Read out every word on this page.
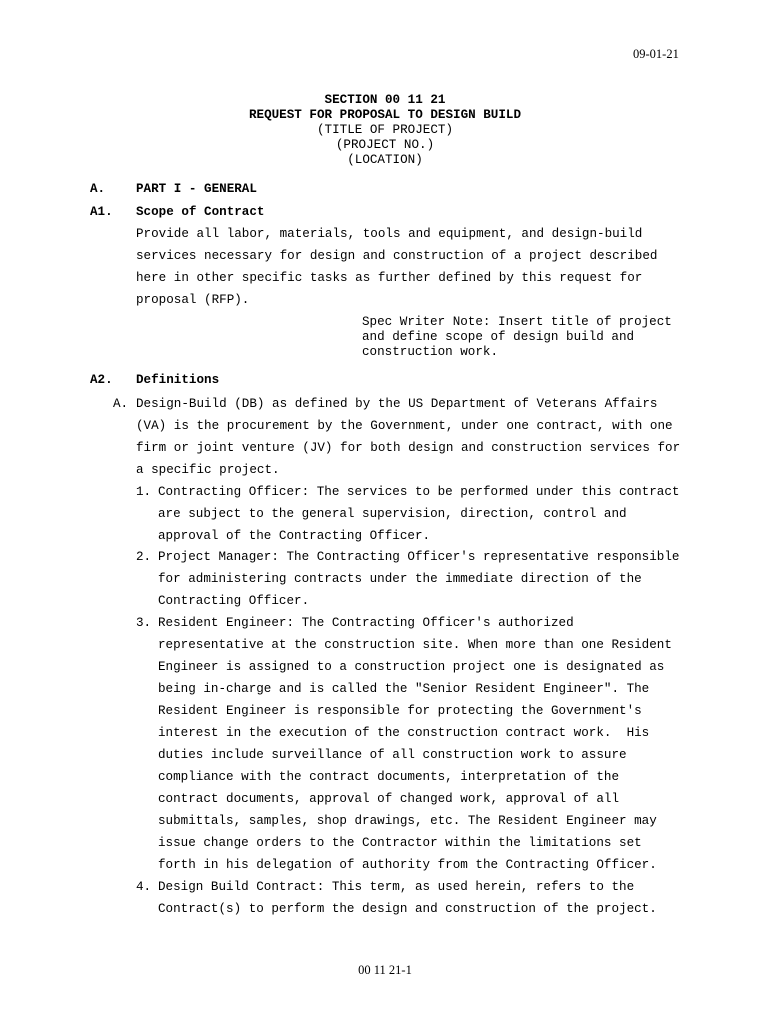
09-01-21
SECTION 00 11 21
REQUEST FOR PROPOSAL TO DESIGN BUILD
(TITLE OF PROJECT)
(PROJECT NO.)
(LOCATION)
A. PART I - GENERAL
A1. Scope of Contract
Provide all labor, materials, tools and equipment, and design-build
services necessary for design and construction of a project described
here in other specific tasks as further defined by this request for
proposal (RFP).
Spec Writer Note: Insert title of project
and define scope of design build and
construction work.
A2. Definitions
A. Design-Build (DB) as defined by the US Department of Veterans Affairs
(VA) is the procurement by the Government, under one contract, with one
firm or joint venture (JV) for both design and construction services for
a specific project.
1. Contracting Officer: The services to be performed under this contract
are subject to the general supervision, direction, control and
approval of the Contracting Officer.
2. Project Manager: The Contracting Officer's representative responsible
for administering contracts under the immediate direction of the
Contracting Officer.
3. Resident Engineer: The Contracting Officer's authorized
representative at the construction site. When more than one Resident
Engineer is assigned to a construction project one is designated as
being in-charge and is called the "Senior Resident Engineer". The
Resident Engineer is responsible for protecting the Government's
interest in the execution of the construction contract work.  His
duties include surveillance of all construction work to assure
compliance with the contract documents, interpretation of the
contract documents, approval of changed work, approval of all
submittals, samples, shop drawings, etc. The Resident Engineer may
issue change orders to the Contractor within the limitations set
forth in his delegation of authority from the Contracting Officer.
4. Design Build Contract: This term, as used herein, refers to the
Contract(s) to perform the design and construction of the project.
00 11 21-1
